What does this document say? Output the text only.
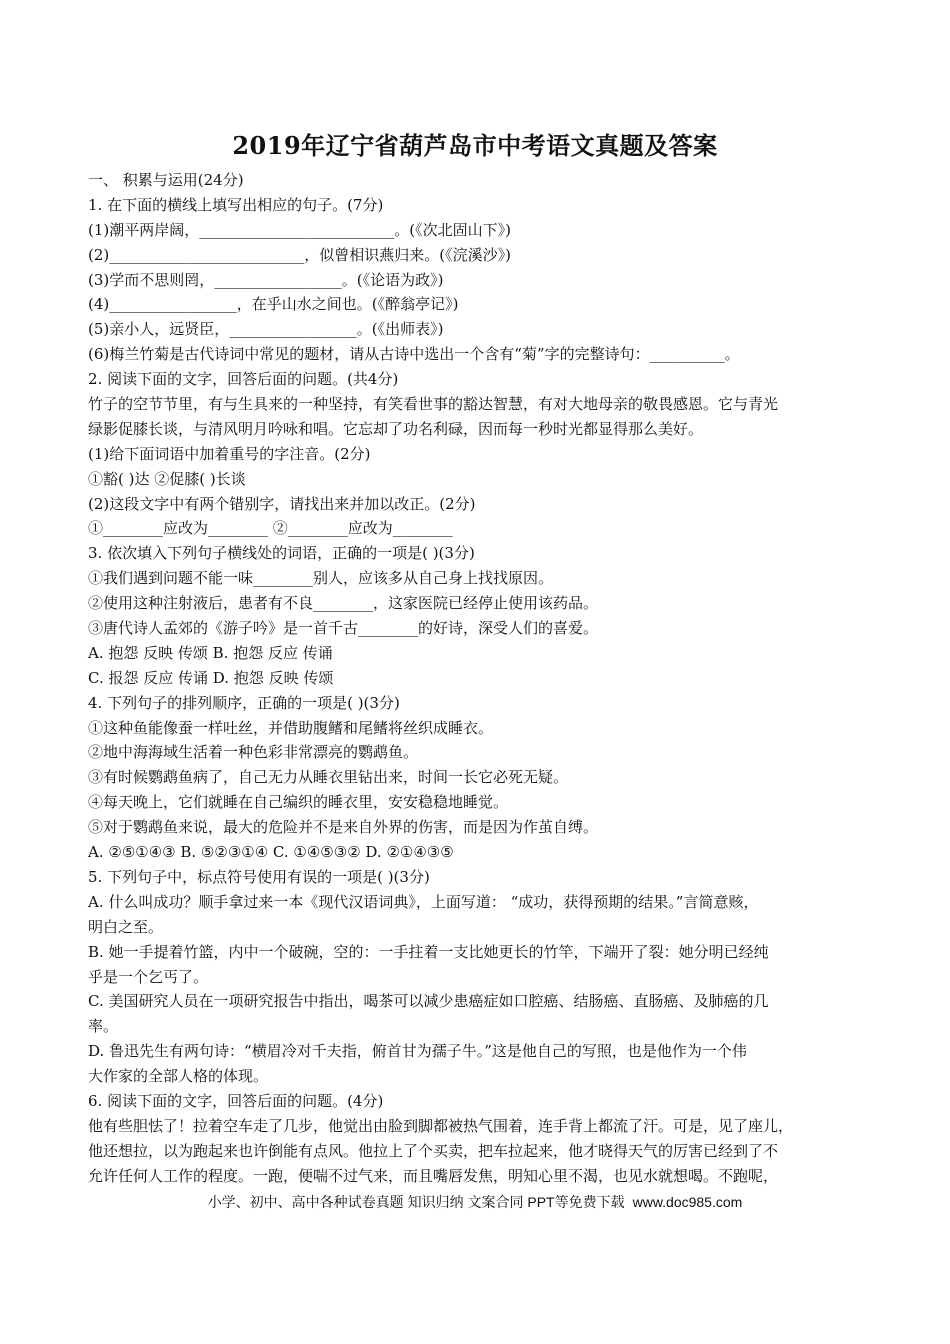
2019年辽宁省葫芦岛市中考语文真题及答案
一、 积累与运用(24分)
1. 在下面的横线上填写出相应的句子。(7分)
(1)潮平两岸阔，__________________________。(《次北固山下》)
(2)__________________________，似曾相识燕归来。(《浣溪沙》)
(3)学而不思则罔，_________________。(《论语为政》)
(4)_________________，在乎山水之间也。(《醉翁亭记》)
(5)亲小人，远贤臣，_________________。(《出师表》)
(6)梅兰竹菊是古代诗词中常见的题材，请从古诗中选出一个含有“菊”字的完整诗句：__________。
2. 阅读下面的文字，回答后面的问题。(共4分)
竹子的空节节里，有与生具来的一种坚持，有笑看世事的豁达智慧，有对大地母亲的敬畏感恩。它与青光
绿影促膝长谈，与清风明月吟咏和唱。它忘却了功名利碌，因而每一秒时光都显得那么美好。
(1)给下面词语中加着重号的字注音。(2分)
①豁( )达 ②促膝( )长谈
(2)这段文字中有两个错别字，请找出来并加以改正。(2分)
①________应改为________ ②________应改为________
3. 依次填入下列句子横线处的词语，正确的一项是( )(3分)
①我们遇到问题不能一味________别人，应该多从自己身上找找原因。
②使用这种注射液后，患者有不良________，这家医院已经停止使用该药品。
③唐代诗人孟郊的《游子吟》是一首千古________的好诗，深受人们的喜爱。
A. 抱怨 反映 传颂 B. 抱怨 反应 传诵
C. 报怨 反应 传诵 D. 抱怨 反映 传颂
4. 下列句子的排列顺序，正确的一项是( )(3分)
①这种鱼能像蚕一样吐丝，并借助腹鳍和尾鳍将丝织成睡衣。
②地中海海域生活着一种色彩非常漂亮的鹦鹉鱼。
③有时候鹦鹉鱼病了，自己无力从睡衣里钻出来，时间一长它必死无疑。
④每天晚上，它们就睡在自己编织的睡衣里，安安稳稳地睡觉。
⑤对于鹦鹉鱼来说，最大的危险并不是来自外界的伤害，而是因为作茧自缚。
A. ②⑤①④③ B. ⑤②③①④ C. ①④⑤③② D. ②①④③⑤
5. 下列句子中，标点符号使用有误的一项是( )(3分)
A. 什么叫成功？顺手拿过来一本《现代汉语词典》，上面写道： “成功，获得预期的结果。”言简意赅，
明白之至。
B. 她一手提着竹篮，内中一个破碗，空的：一手拄着一支比她更长的竹竿，下端开了裂：她分明已经纯
乎是一个乞丐了。
C. 美国研究人员在一项研究报告中指出，喝茶可以减少患癌症如口腔癌、结肠癌、直肠癌、及肺癌的几
率。
D. 鲁迅先生有两句诗：“横眉冷对千夫指，俯首甘为孺子牛。”这是他自己的写照，也是他作为一个伟
大作家的全部人格的体现。
6. 阅读下面的文字，回答后面的问题。(4分)
他有些胆怯了！拉着空车走了几步，他觉出由脸到脚都被热气围着，连手背上都流了汗。可是，见了座儿，
他还想拉，以为跑起来也许倒能有点风。他拉上了个买卖，把车拉起来，他才晓得天气的厉害已经到了不
允许任何人工作的程度。一跑，便喘不过气来，而且嘴唇发焦，明知心里不渴，也见水就想喝。不跑呢，
小学、初中、高中各种试卷真题 知识归纳 文案合同 PPT等免费下载 www.doc985.com
